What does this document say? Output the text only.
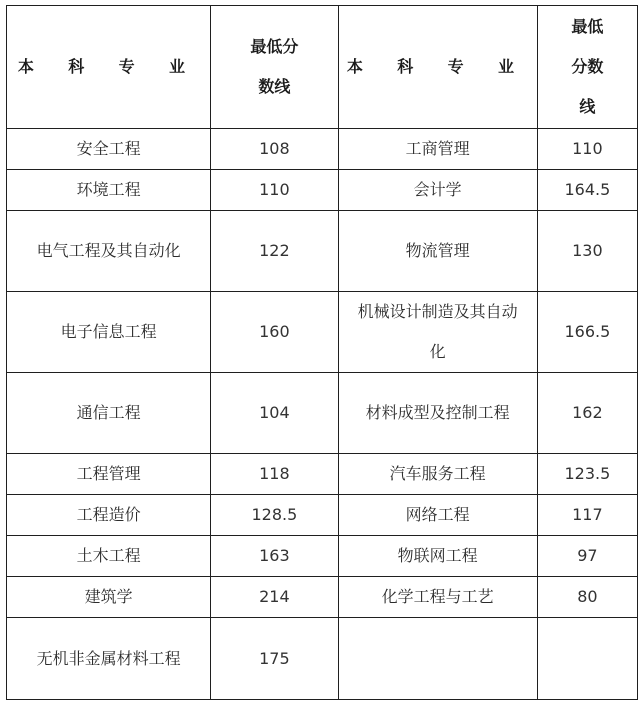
本 科 专 业	最低分数线	本 科 专 业	最低分数线
安全工程	108	工商管理	110
环境工程	110	会计学	164.5
电气工程及其自动化	122	物流管理	130
电子信息工程	160	机械设计制造及其自动化	166.5
通信工程	104	材料成型及控制工程	162
工程管理	118	汽车服务工程	123.5
工程造价	128.5	网络工程	117
土木工程	163	物联网工程	97
建筑学	214	化学工程与工艺	80
无机非金属材料工程	175		
